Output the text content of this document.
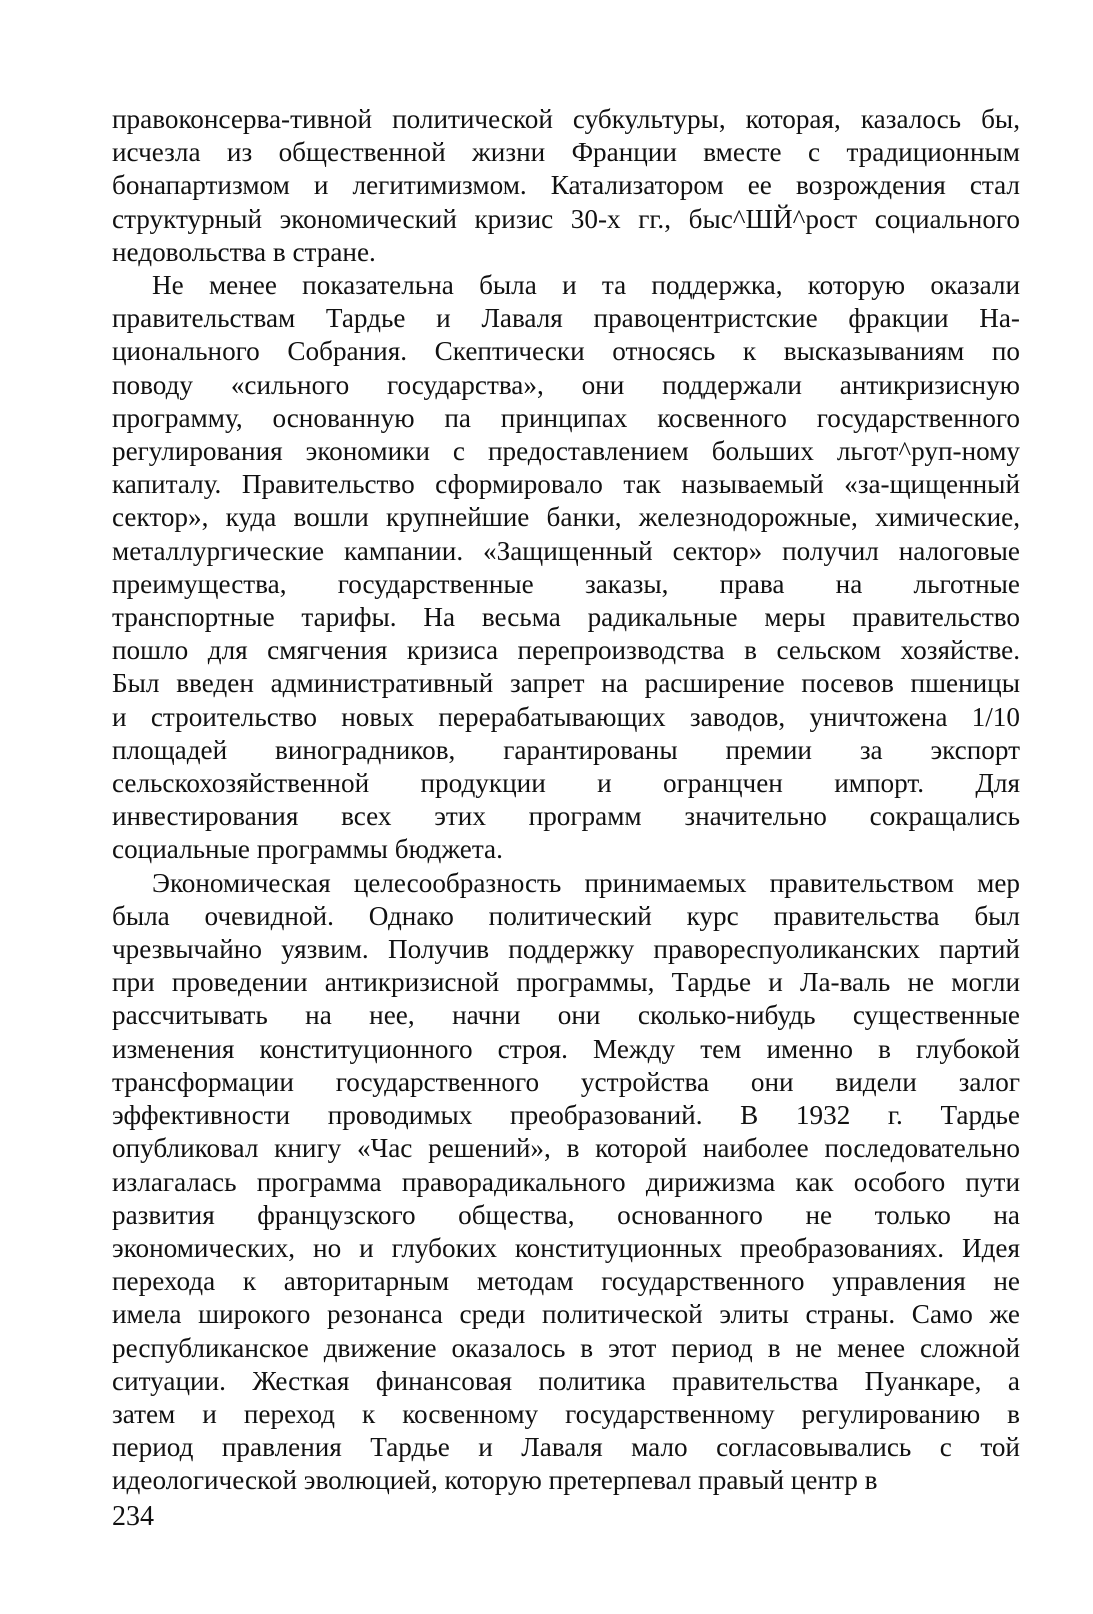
правоконсерва-тивной политической субкультуры, которая, казалось бы,
исчезла из общественной жизни Франции вместе с традиционным
бонапартизмом и легитимизмом. Катализатором ее возрождения стал
структурный экономический кризис 30-х гг., быс^ШЙ^рост социального
недовольства в стране.

Не менее показательна была и та поддержка, которую оказали
правительствам Тардье и Лаваля правоцентристские фракции На-
ционального Собрания. Скептически относясь к высказываниям по
поводу «сильного государства», они поддержали антикризисную
программу, основанную па принципах косвенного государственного
регулирования экономики с предоставлением больших льгот^руп-ному
капиталу. Правительство сформировало так называемый «за-щищенный
сектор», куда вошли крупнейшие банки, железнодорожные, химические,
металлургические кампании. «Защищенный сектор» получил налоговые
преимущества, государственные заказы, права на льготные
транспортные тарифы. На весьма радикальные меры правительство
пошло для смягчения кризиса перепроизводства в сельском хозяйстве.
Был введен административный запрет на расширение посевов пшеницы
и строительство новых перерабатывающих заводов, уничтожена 1/10
площадей виноградников, гарантированы премии за экспорт
сельскохозяйственной продукции и огранцчен импорт. Для
инвестирования всех этих программ значительно сокращались
социальные программы бюджета.

Экономическая целесообразность принимаемых правительством мер
была очевидной. Однако политический курс правительства был
чрезвычайно уязвим. Получив поддержку правореспуоликанских партий
при проведении антикризисной программы, Тардье и Ла-валь не могли
рассчитывать на нее, начни они сколько-нибудь существенные
изменения конституционного строя. Между тем именно в глубокой
трансформации государственного устройства они видели залог
эффективности проводимых преобразований. В 1932 г. Тардье
опубликовал книгу «Час решений», в которой наиболее последовательно
излагалась программа праворадикального дирижизма как особого пути
развития французского общества, основанного не только на
экономических, но и глубоких конституционных преобразованиях. Идея
перехода к авторитарным методам государственного управления не
имела широкого резонанса среди политической элиты страны. Само же
республиканское движение оказалось в этот период в не менее сложной
ситуации. Жесткая финансовая политика правительства Пуанкаре, а
затем и переход к косвенному государственному регулированию в
период правления Тардье и Лаваля мало согласовывались с той
идеологической эволюцией, которую претерпевал правый центр в

234
